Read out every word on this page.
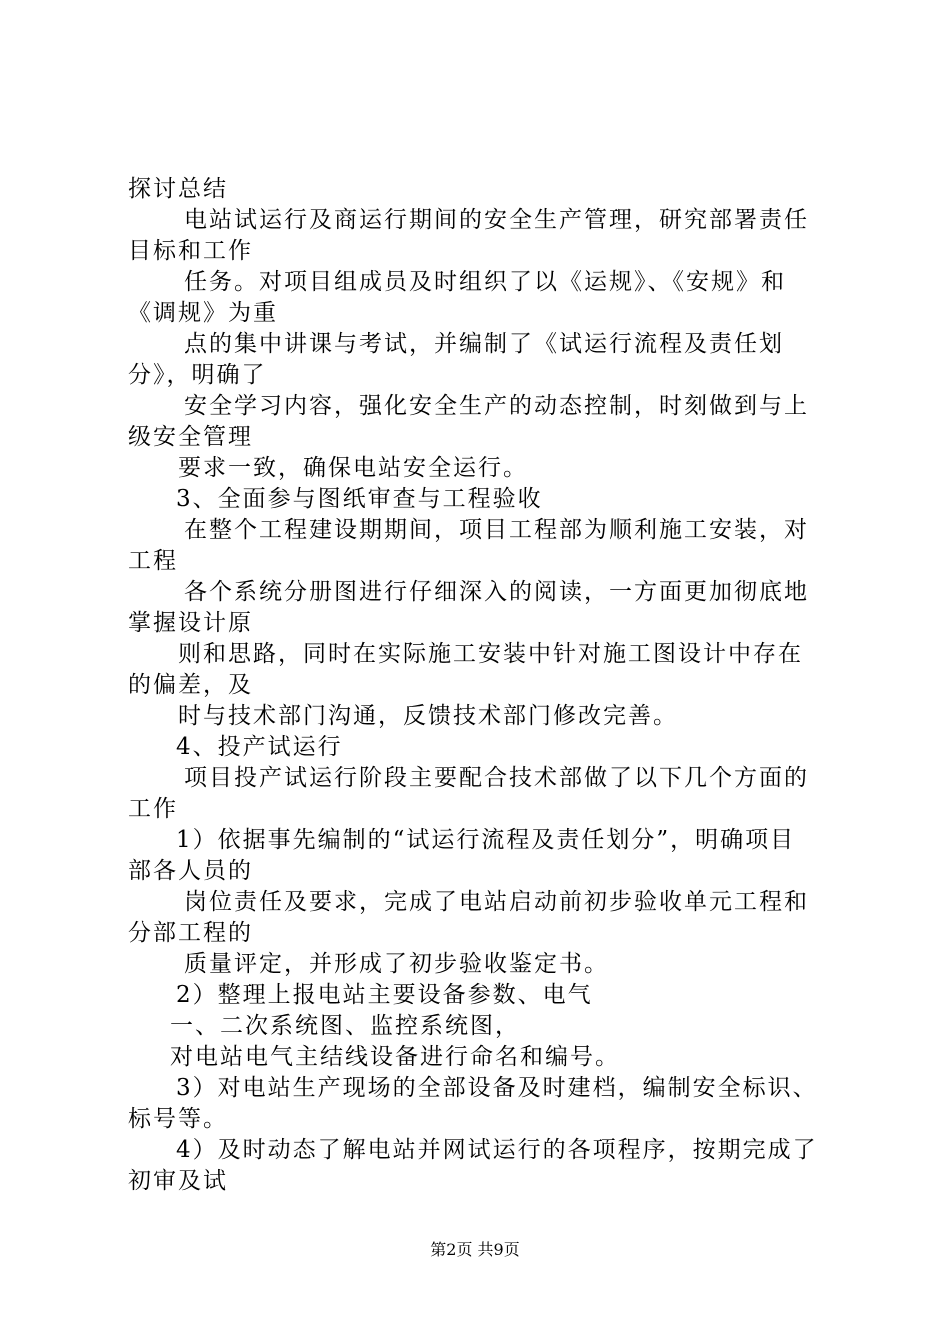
探讨总结
电站试运行及商运行期间的安全生产管理，研究部署责任
目标和工作
任务。对项目组成员及时组织了以《运规》、《安规》和
《调规》为重
点的集中讲课与考试，并编制了《试运行流程及责任划
分》，明确了
安全学习内容，强化安全生产的动态控制，时刻做到与上
级安全管理
要求一致，确保电站安全运行。
3、全面参与图纸审查与工程验收
在整个工程建设期期间，项目工程部为顺利施工安装，对
工程
各个系统分册图进行仔细深入的阅读，一方面更加彻底地
掌握设计原
则和思路，同时在实际施工安装中针对施工图设计中存在
的偏差，及
时与技术部门沟通，反馈技术部门修改完善。
4、投产试运行
项目投产试运行阶段主要配合技术部做了以下几个方面的
工作
1）依据事先编制的“试运行流程及责任划分”，明确项目
部各人员的
岗位责任及要求，完成了电站启动前初步验收单元工程和
分部工程的
质量评定，并形成了初步验收鉴定书。
2）整理上报电站主要设备参数、电气
一、二次系统图、监控系统图，
对电站电气主结线设备进行命名和编号。
3）对电站生产现场的全部设备及时建档，编制安全标识、
标号等。
4）及时动态了解电站并网试运行的各项程序，按期完成了
初审及试
第2页 共9页
